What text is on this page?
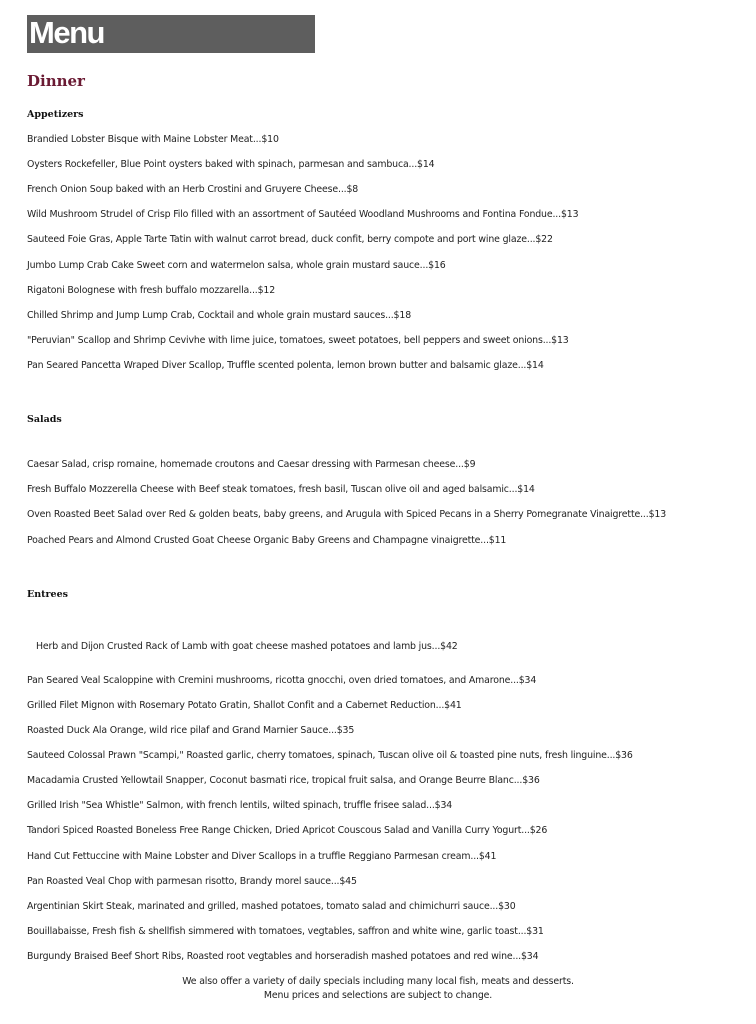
Menu
Dinner
Appetizers
Brandied Lobster Bisque with Maine Lobster Meat...$10
Oysters Rockefeller, Blue Point oysters baked with spinach, parmesan and sambuca...$14
French Onion Soup baked with an Herb Crostini and Gruyere Cheese...$8
Wild Mushroom Strudel of Crisp Filo filled with an assortment of Sautéed Woodland Mushrooms and Fontina Fondue...$13
Sauteed Foie Gras, Apple Tarte Tatin with walnut carrot bread, duck confit, berry compote and port wine glaze...$22
Jumbo Lump Crab Cake Sweet corn and watermelon salsa, whole grain mustard sauce...$16
Rigatoni Bolognese with fresh buffalo mozzarella...$12
Chilled Shrimp and Jump Lump Crab, Cocktail and whole grain mustard sauces...$18
"Peruvian" Scallop and Shrimp Cevivhe with lime juice, tomatoes, sweet potatoes, bell peppers and sweet onions...$13
Pan Seared Pancetta Wraped Diver Scallop, Truffle scented polenta, lemon brown butter and balsamic glaze...$14
Salads
Caesar Salad, crisp romaine, homemade croutons and Caesar dressing with Parmesan cheese...$9
Fresh Buffalo Mozzerella Cheese with Beef steak tomatoes, fresh basil, Tuscan olive oil and aged balsamic...$14
Oven Roasted Beet Salad over Red & golden beats, baby greens, and Arugula with Spiced Pecans in a Sherry Pomegranate Vinaigrette...$13
Poached Pears and Almond Crusted Goat Cheese Organic Baby Greens and Champagne vinaigrette...$11
Entrees
Herb and Dijon Crusted Rack of Lamb with goat cheese mashed potatoes and lamb jus...$42
Pan Seared Veal Scaloppine with Cremini mushrooms, ricotta gnocchi, oven dried tomatoes, and Amarone...$34
Grilled Filet Mignon with Rosemary Potato Gratin, Shallot Confit and a Cabernet Reduction...$41
Roasted Duck Ala Orange, wild rice pilaf and Grand Marnier Sauce...$35
Sauteed Colossal Prawn "Scampi," Roasted garlic, cherry tomatoes, spinach, Tuscan olive oil & toasted pine nuts, fresh linguine...$36
Macadamia Crusted Yellowtail Snapper, Coconut basmati rice, tropical fruit salsa, and Orange Beurre Blanc...$36
Grilled Irish "Sea Whistle" Salmon, with french lentils, wilted spinach, truffle frisee salad...$34
Tandori Spiced Roasted Boneless Free Range Chicken, Dried Apricot Couscous Salad and Vanilla Curry Yogurt...$26
Hand Cut Fettuccine with Maine Lobster and Diver Scallops in a truffle Reggiano Parmesan cream...$41
Pan Roasted Veal Chop with parmesan risotto, Brandy morel sauce...$45
Argentinian Skirt Steak, marinated and grilled, mashed potatoes, tomato salad and chimichurri sauce...$30
Bouillabaisse, Fresh fish & shellfish simmered with tomatoes, vegtables, saffron and white wine, garlic toast...$31
Burgundy Braised Beef Short Ribs, Roasted root vegtables and horseradish mashed potatoes and red wine...$34
We also offer a variety of daily specials including many local fish, meats and desserts.
Menu prices and selections are subject to change.
